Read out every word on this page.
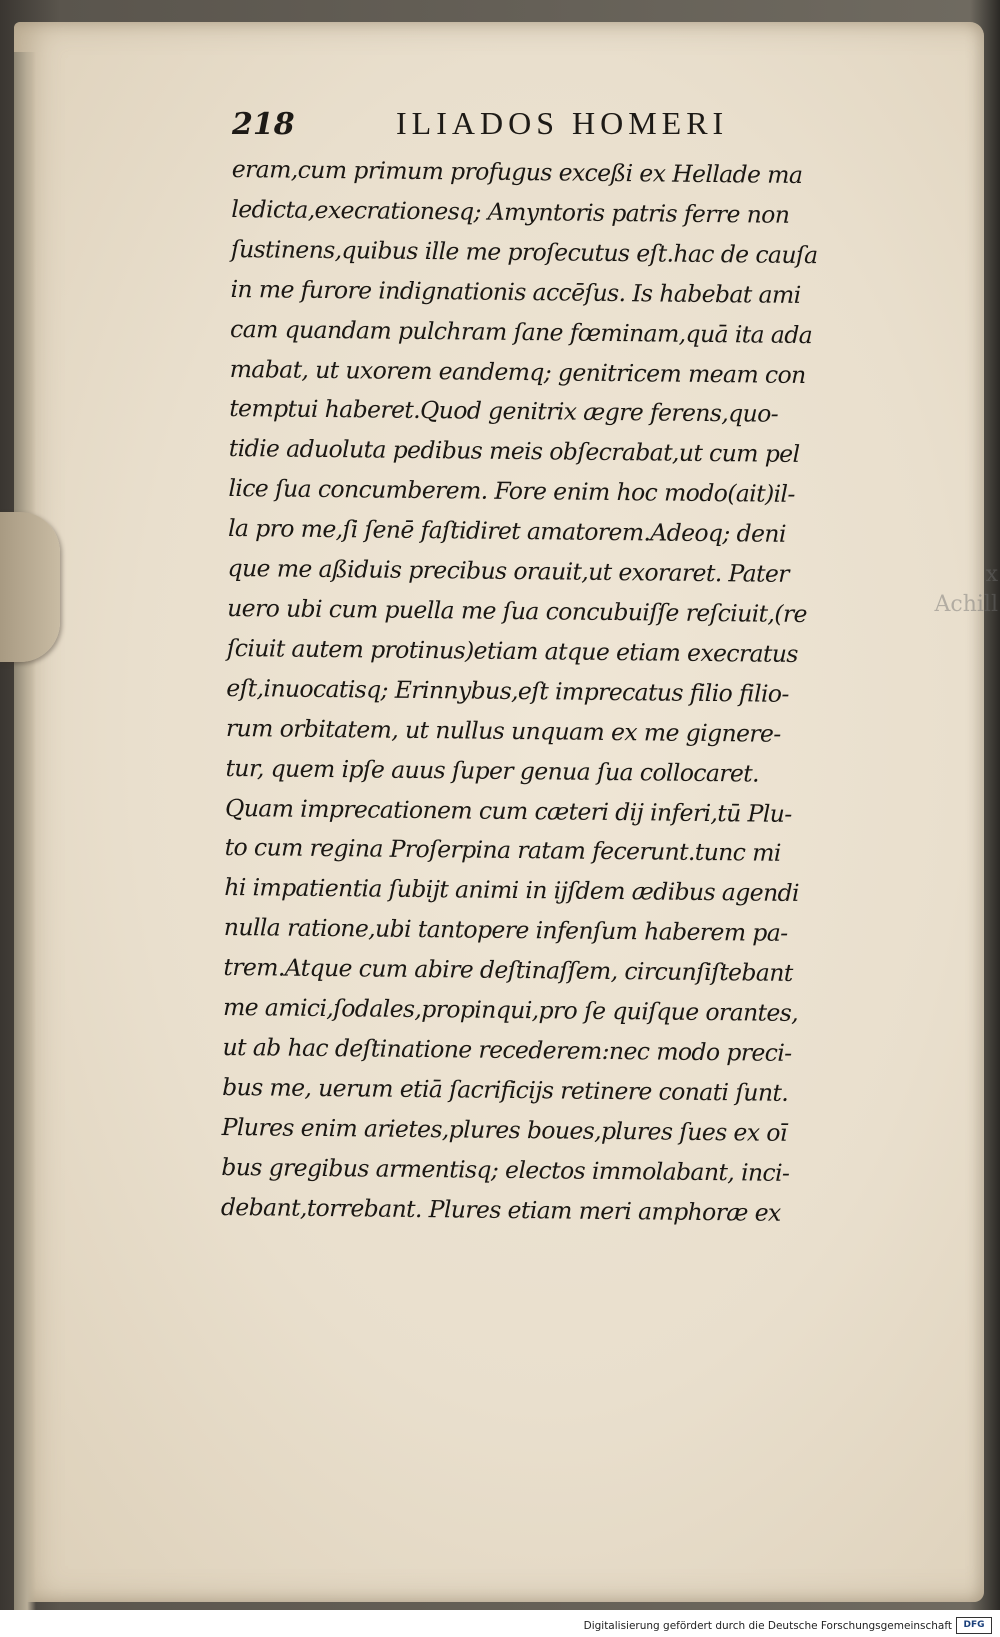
x
Achill
218	ILIADOS HOMERI
eram,cum primum profugus exceßi ex Hellade ma
ledicta,execrationesq; Amyntoris patris ferre non
ſustinens,quibus ille me proſecutus eſt.hac de cauſa
in me furore indignationis accēſus. Is habebat ami
cam quandam pulchram ſane fœminam,quā ita ada
mabat, ut uxorem eandemq; genitricem meam con
temptui haberet.Quod genitrix ægre ferens,quo-
tidie aduoluta pedibus meis obſecrabat,ut cum pel
lice ſua concumberem. Fore enim hoc modo(ait)il-
la pro me,ſi ſenē faſtidiret amatorem.Adeoq; deni
que me aßiduis precibus orauit,ut exoraret. Pater
uero ubi cum puella me ſua concubuiſſe reſciuit,(re
ſciuit autem protinus)etiam atque etiam execratus
eſt,inuocatisq; Erinnybus,eſt imprecatus filio filio-
rum orbitatem, ut nullus unquam ex me gignere-
tur, quem ipſe auus ſuper genua ſua collocaret.
Quam imprecationem cum cæteri dij inferi,tū Plu-
to cum regina Proſerpina ratam fecerunt.tunc mi
hi impatientia ſubijt animi in ijſdem ædibus agendi
nulla ratione,ubi tantopere infenſum haberem pa-
trem.Atque cum abire deſtinaſſem, circunſiſtebant
me amici,ſodales,propinqui,pro ſe quiſque orantes,
ut ab hac deſtinatione recederem:nec modo preci-
bus me, uerum etiā ſacrificijs retinere conati ſunt.
Plures enim arietes,plures boues,plures ſues ex oī
bus gregibus armentisq; electos immolabant, inci-
debant,torrebant. Plures etiam meri amphoræ ex
Digitalisierung gefördert durch die Deutsche Forschungsgemeinschaft	DFG
